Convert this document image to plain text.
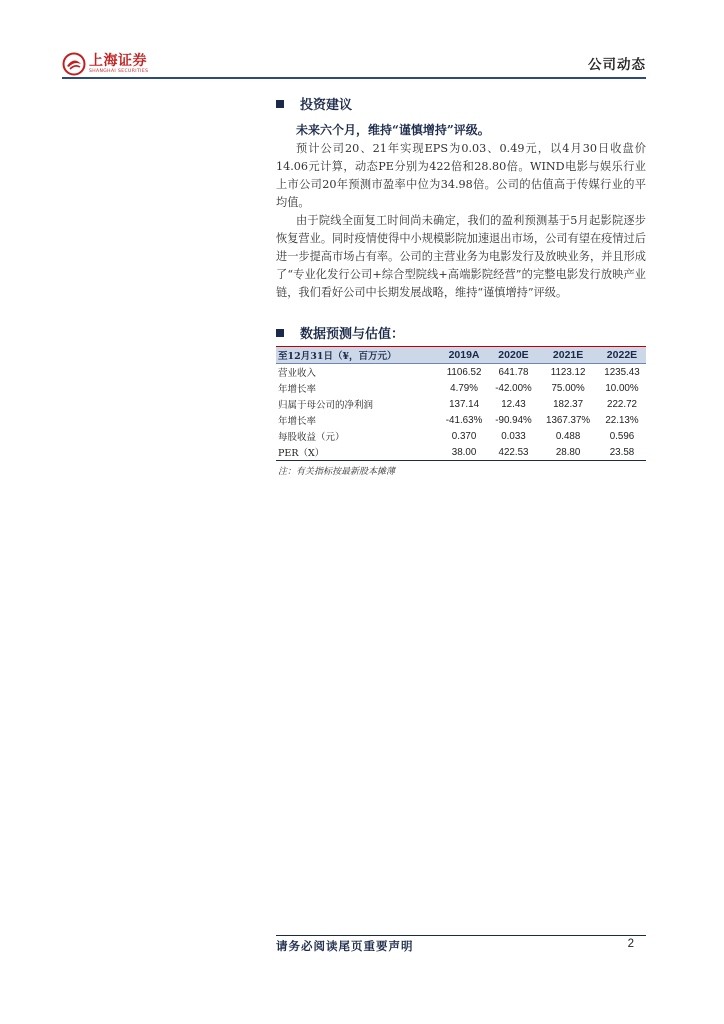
上海证券
SHANGHAI SECURITIES	公司动态
投资建议
未来六个月，维持“谨慎增持”评级。

预计公司20、21年实现EPS为0.03、0.49元，以4月30日收盘价14.06元计算，动态PE分别为422倍和28.80倍。WIND电影与娱乐行业上市公司20年预测市盈率中位为34.98倍。公司的估值高于传媒行业的平均值。

由于院线全面复工时间尚未确定，我们的盈利预测基于5月起影院逐步恢复营业。同时疫情使得中小规模影院加速退出市场，公司有望在疫情过后进一步提高市场占有率。公司的主营业务为电影发行及放映业务，并且形成了“专业化发行公司+综合型院线+高端影院经营”的完整电影发行放映产业链，我们看好公司中长期发展战略，维持“谨慎增持”评级。

数据预测与估值：
至12月31日（¥，百万元）	2019A	2020E	2021E	2022E
营业收入	1106.52	641.78	1123.12	1235.43
年增长率	4.79%	-42.00%	75.00%	10.00%
归属于母公司的净利润	137.14	12.43	182.37	222.72
年增长率	-41.63%	-90.94%	1367.37%	22.13%
每股收益（元）	0.370	0.033	0.488	0.596
PER（X）	38.00	422.53	28.80	23.58
注：有关指标按最新股本摊薄
请务必阅读尾页重要声明	2
